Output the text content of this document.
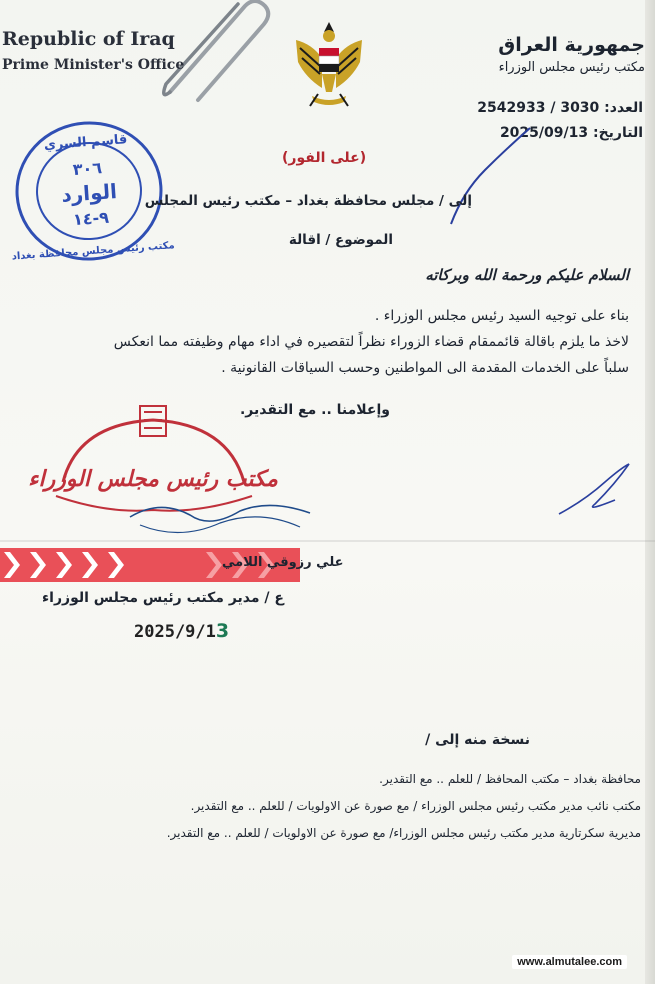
Republic of Iraq
Prime Minister's Office
جمهورية العراق
مكتب رئيس مجلس الوزراء
العدد: 3030 / 2542933
التاريخ: 2025/09/13
قاسم السري
٣٠٦
الوارد
٩-١٤
مكتب رئيس مجلس محافظة بغداد
(على الفور)
إلى / مجلس محافظة بغداد – مكتب رئيس المجلس
الموضوع / اقالة
السلام عليكم ورحمة الله وبركاته

بناء على توجيه السيد رئيس مجلس الوزراء .

لاخذ ما يلزم باقالة قائممقام قضاء الزوراء نظراً لتقصيره في اداء مهام وظيفته مما انعكس

سلباً على الخدمات المقدمة الى المواطنين وحسب السياقات القانونية .

وإعلامنا .. مع التقدير.
مكتب رئيس مجلس الوزراء
علي رزوقي اللامي
ع / مدير مكتب رئيس مجلس الوزراء
2025/9/13
نسخة منه إلى /
محافظة بغداد – مكتب المحافظ / للعلم .. مع التقدير.
مكتب نائب مدير مكتب رئيس مجلس الوزراء / مع صورة عن الاولويات / للعلم .. مع التقدير.
مديرية سكرتارية مدير مكتب رئيس مجلس الوزراء/ مع صورة عن الاولويات / للعلم .. مع التقدير.
www.almutalee.com
